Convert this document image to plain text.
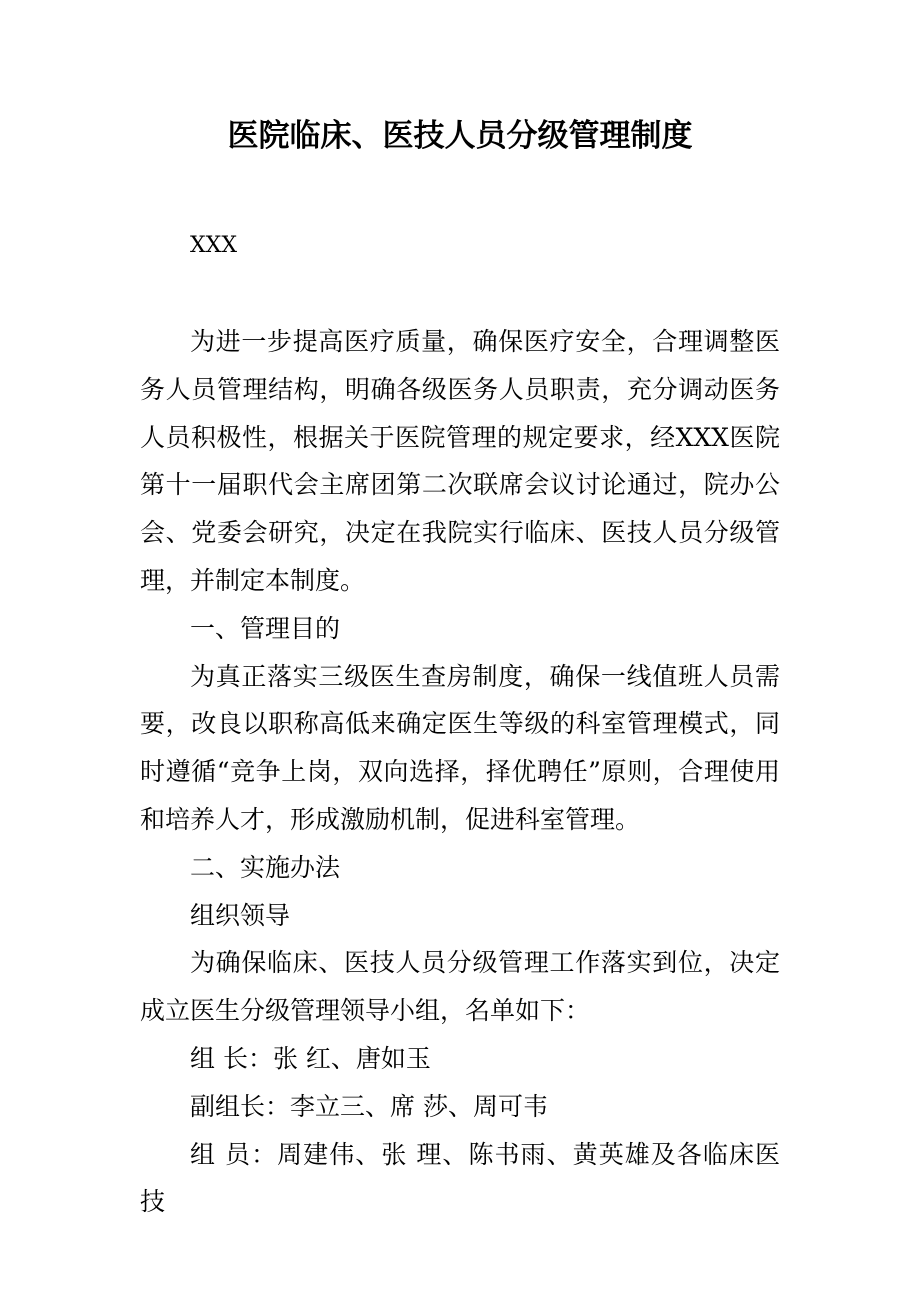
医院临床、医技人员分级管理制度
XXX

为进一步提高医疗质量，确保医疗安全，合理调整医务人员管理结构，明确各级医务人员职责，充分调动医务人员积极性，根据关于医院管理的规定要求，经XXX医院第十一届职代会主席团第二次联席会议讨论通过，院办公会、党委会研究，决定在我院实行临床、医技人员分级管理，并制定本制度。

一、管理目的

为真正落实三级医生查房制度，确保一线值班人员需要，改良以职称高低来确定医生等级的科室管理模式，同时遵循“竞争上岗，双向选择，择优聘任”原则，合理使用和培养人才，形成激励机制，促进科室管理。

二、实施办法

组织领导

为确保临床、医技人员分级管理工作落实到位，决定成立医生分级管理领导小组，名单如下：

组 长：张 红、唐如玉

副组长：李立三、席 莎、周可韦

组 员：周建伟、张 理、陈书雨、黄英雄及各临床医技
